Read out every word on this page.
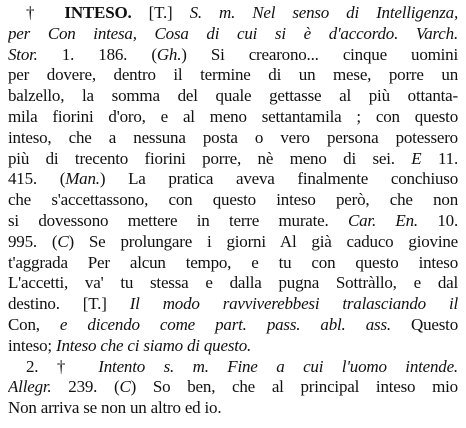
† INTESO. [T.] S. m. Nel senso di Intelligenza,
per Con intesa, Cosa di cui si è d'accordo. Varch.
Stor. 1. 186. (Gh.) Si crearono... cinque uomini
per dovere, dentro il termine di un mese, porre un
balzello, la somma del quale gettasse al più ottanta-
mila fiorini d'oro, e al meno settantamila ; con questo
inteso, che a nessuna posta o vero persona potessero
più di trecento fiorini porre, nè meno di sei. E 11.
415. (Man.) La pratica aveva finalmente conchiuso
che s'accettassono, con questo inteso però, che non
si dovessono mettere in terre murate. Car. En. 10.
995. (C) Se prolungare i giorni Al già caduco giovine
t'aggrada Per alcun tempo, e tu con questo inteso
L'accetti, va' tu stessa e dalla pugna Sottràllo, e dal
destino. [T.] Il modo ravviverebbesi tralasciando il
Con, e dicendo come part. pass. abl. ass. Questo
inteso; Inteso che ci siamo di questo.
2. † Intento s. m. Fine a cui l'uomo intende.
Allegr. 239. (C) So ben, che al principal inteso mio
Non arriva se non un altro ed io.
